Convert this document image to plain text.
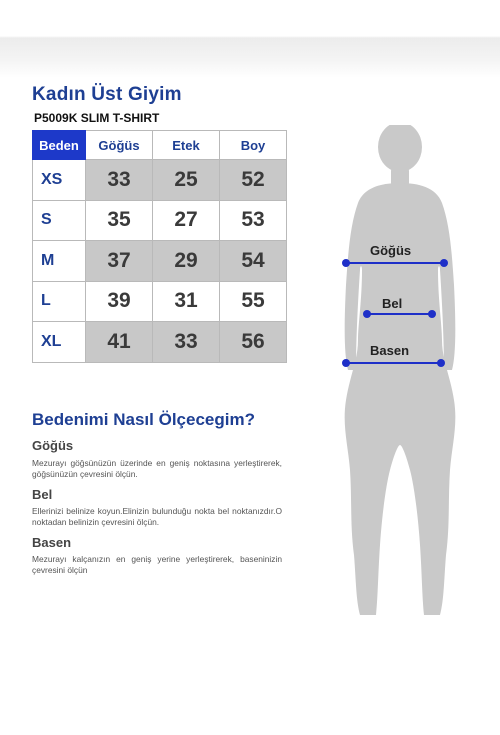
Kadın Üst Giyim
P5009K SLIM T-SHIRT
Beden	Göğüs	Etek	Boy
XS	33	25	52
S	35	27	53
M	37	29	54
L	39	31	55
XL	41	33	56
Bedenimi Nasıl Ölçecegim?
Göğüs
Mezurayı göğsünüzün üzerinde en geniş noktasına yerleştirerek, göğsünüzün çevresini ölçün.
Bel
Ellerinizi belinize koyun.Elinizin bulunduğu nokta bel noktanızdır.O noktadan belinizin çevresini ölçün.
Basen
Mezurayı kalçanızın en geniş yerine yerleştirerek, baseninizin çevresini ölçün
Göğüs
Bel
Basen
